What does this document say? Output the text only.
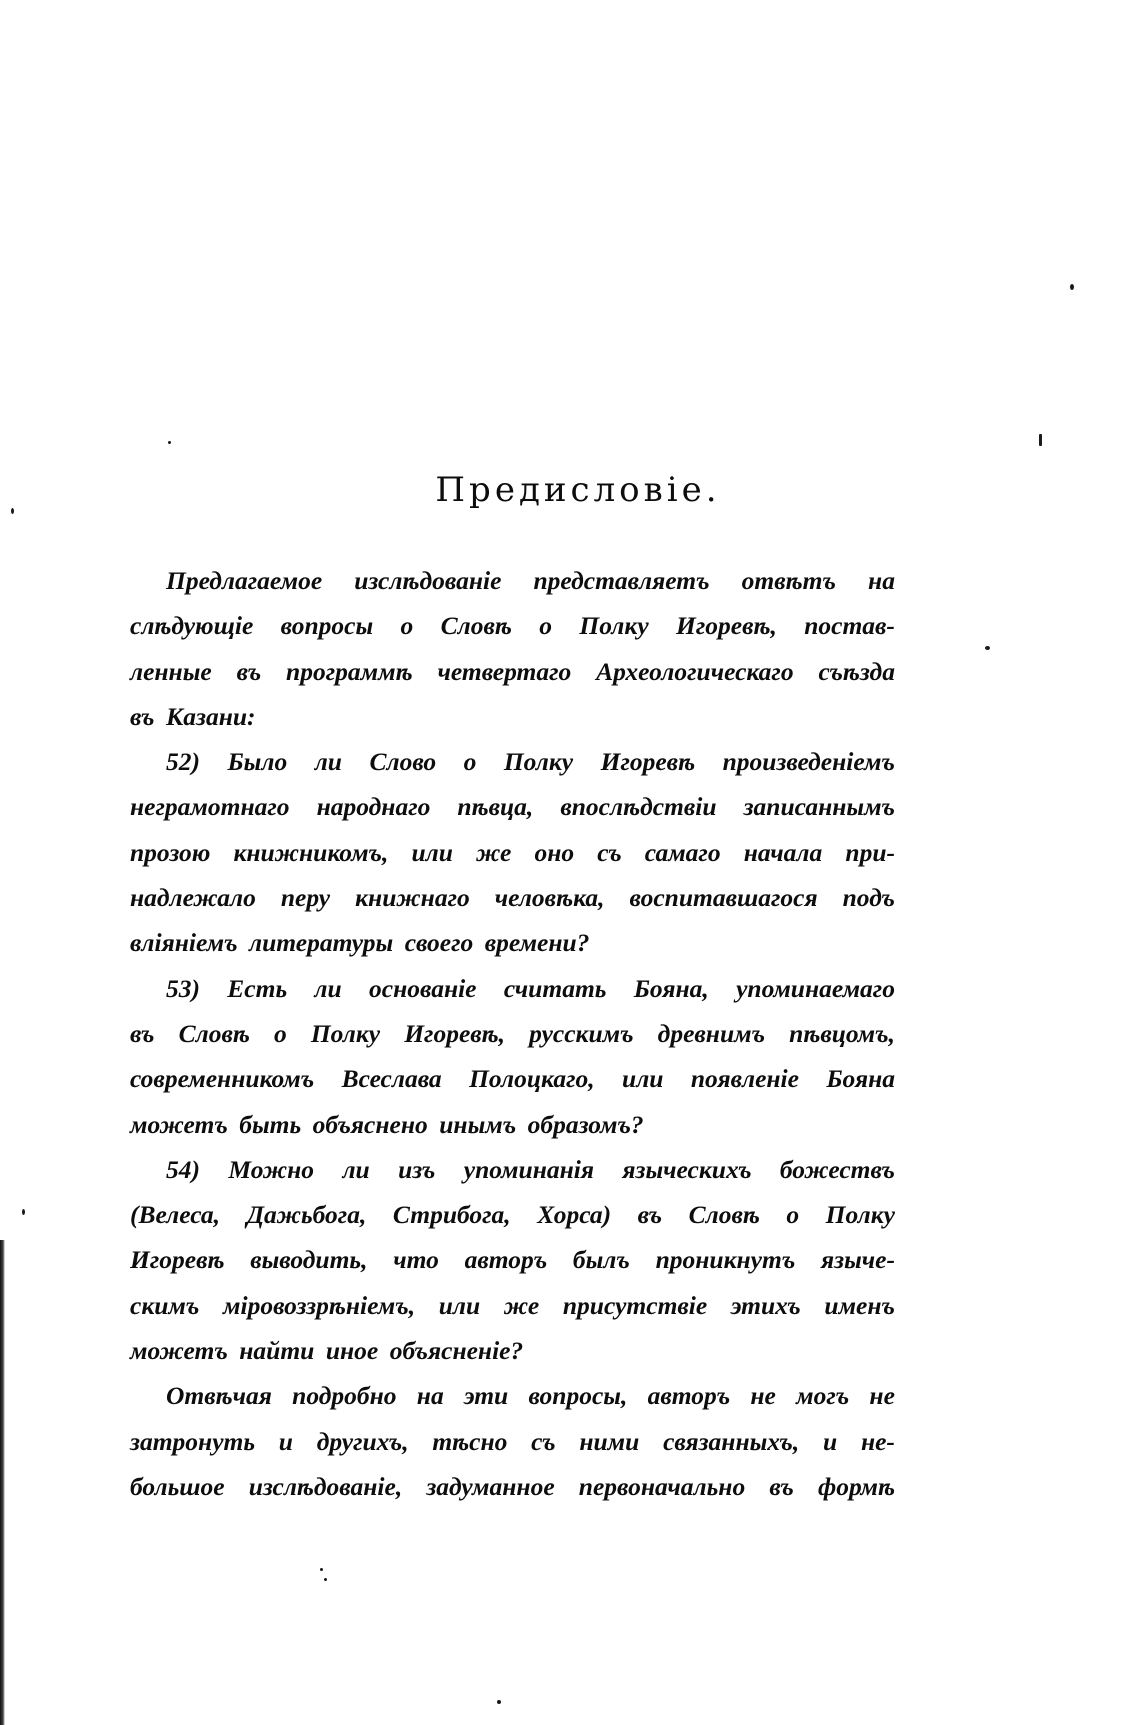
Предисловіе.
Предлагаемое изслѣдованіе представляетъ отвѣтъ на
слѣдующіе вопросы о Словѣ о Полку Игоревѣ, постав-
ленные въ программѣ четвертаго Археологическаго съѣзда
въ Казани:
52) Было ли Слово о Полку Игоревѣ произведеніемъ
неграмотнаго народнаго пѣвца, впослѣдствіи записаннымъ
прозою книжникомъ, или же оно съ самаго начала при-
надлежало перу книжнаго человѣка, воспитавшагося подъ
вліяніемъ литературы своего времени?
53) Есть ли основаніе считать Бояна, упоминаемаго
въ Словѣ о Полку Игоревѣ, русскимъ древнимъ пѣвцомъ,
современникомъ Всеслава Полоцкаго, или появленіе Бояна
можетъ быть объяснено инымъ образомъ?
54) Можно ли изъ упоминанія языческихъ божествъ
(Велеса, Дажьбога, Стрибога, Хорса) въ Словѣ о Полку
Игоревѣ выводить, что авторъ былъ проникнутъ языче-
скимъ міровоззрѣніемъ, или же присутствіе этихъ именъ
можетъ найти иное объясненіе?
Отвѣчая подробно на эти вопросы, авторъ не могъ не
затронуть и другихъ, тѣсно съ ними связанныхъ, и не-
большое изслѣдованіе, задуманное первоначально въ формѣ
